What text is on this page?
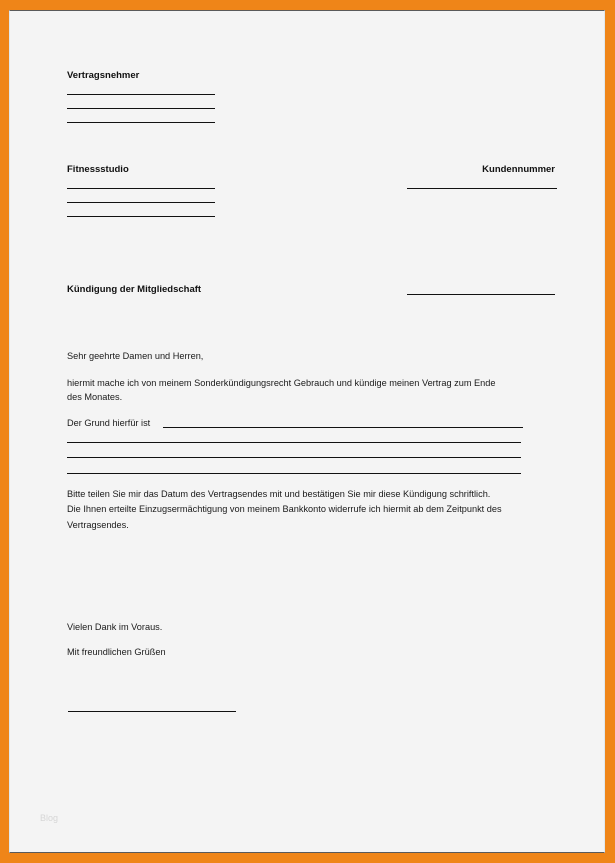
Vertragsnehmer
Fitnessstudio	Kundennummer
Kündigung der Mitgliedschaft
Sehr geehrte Damen und Herren,
hiermit mache ich von meinem Sonderkündigungsrecht Gebrauch und kündige meinen Vertrag zum Ende
des Monates.
Der Grund hierfür ist
Bitte teilen Sie mir das Datum des Vertragsendes mit und bestätigen Sie mir diese Kündigung schriftlich.
Die Ihnen erteilte Einzugsermächtigung von meinem Bankkonto widerrufe ich hiermit ab dem Zeitpunkt des
Vertragsendes.
Vielen Dank im Voraus.
Mit freundlichen Grüßen
Blog
